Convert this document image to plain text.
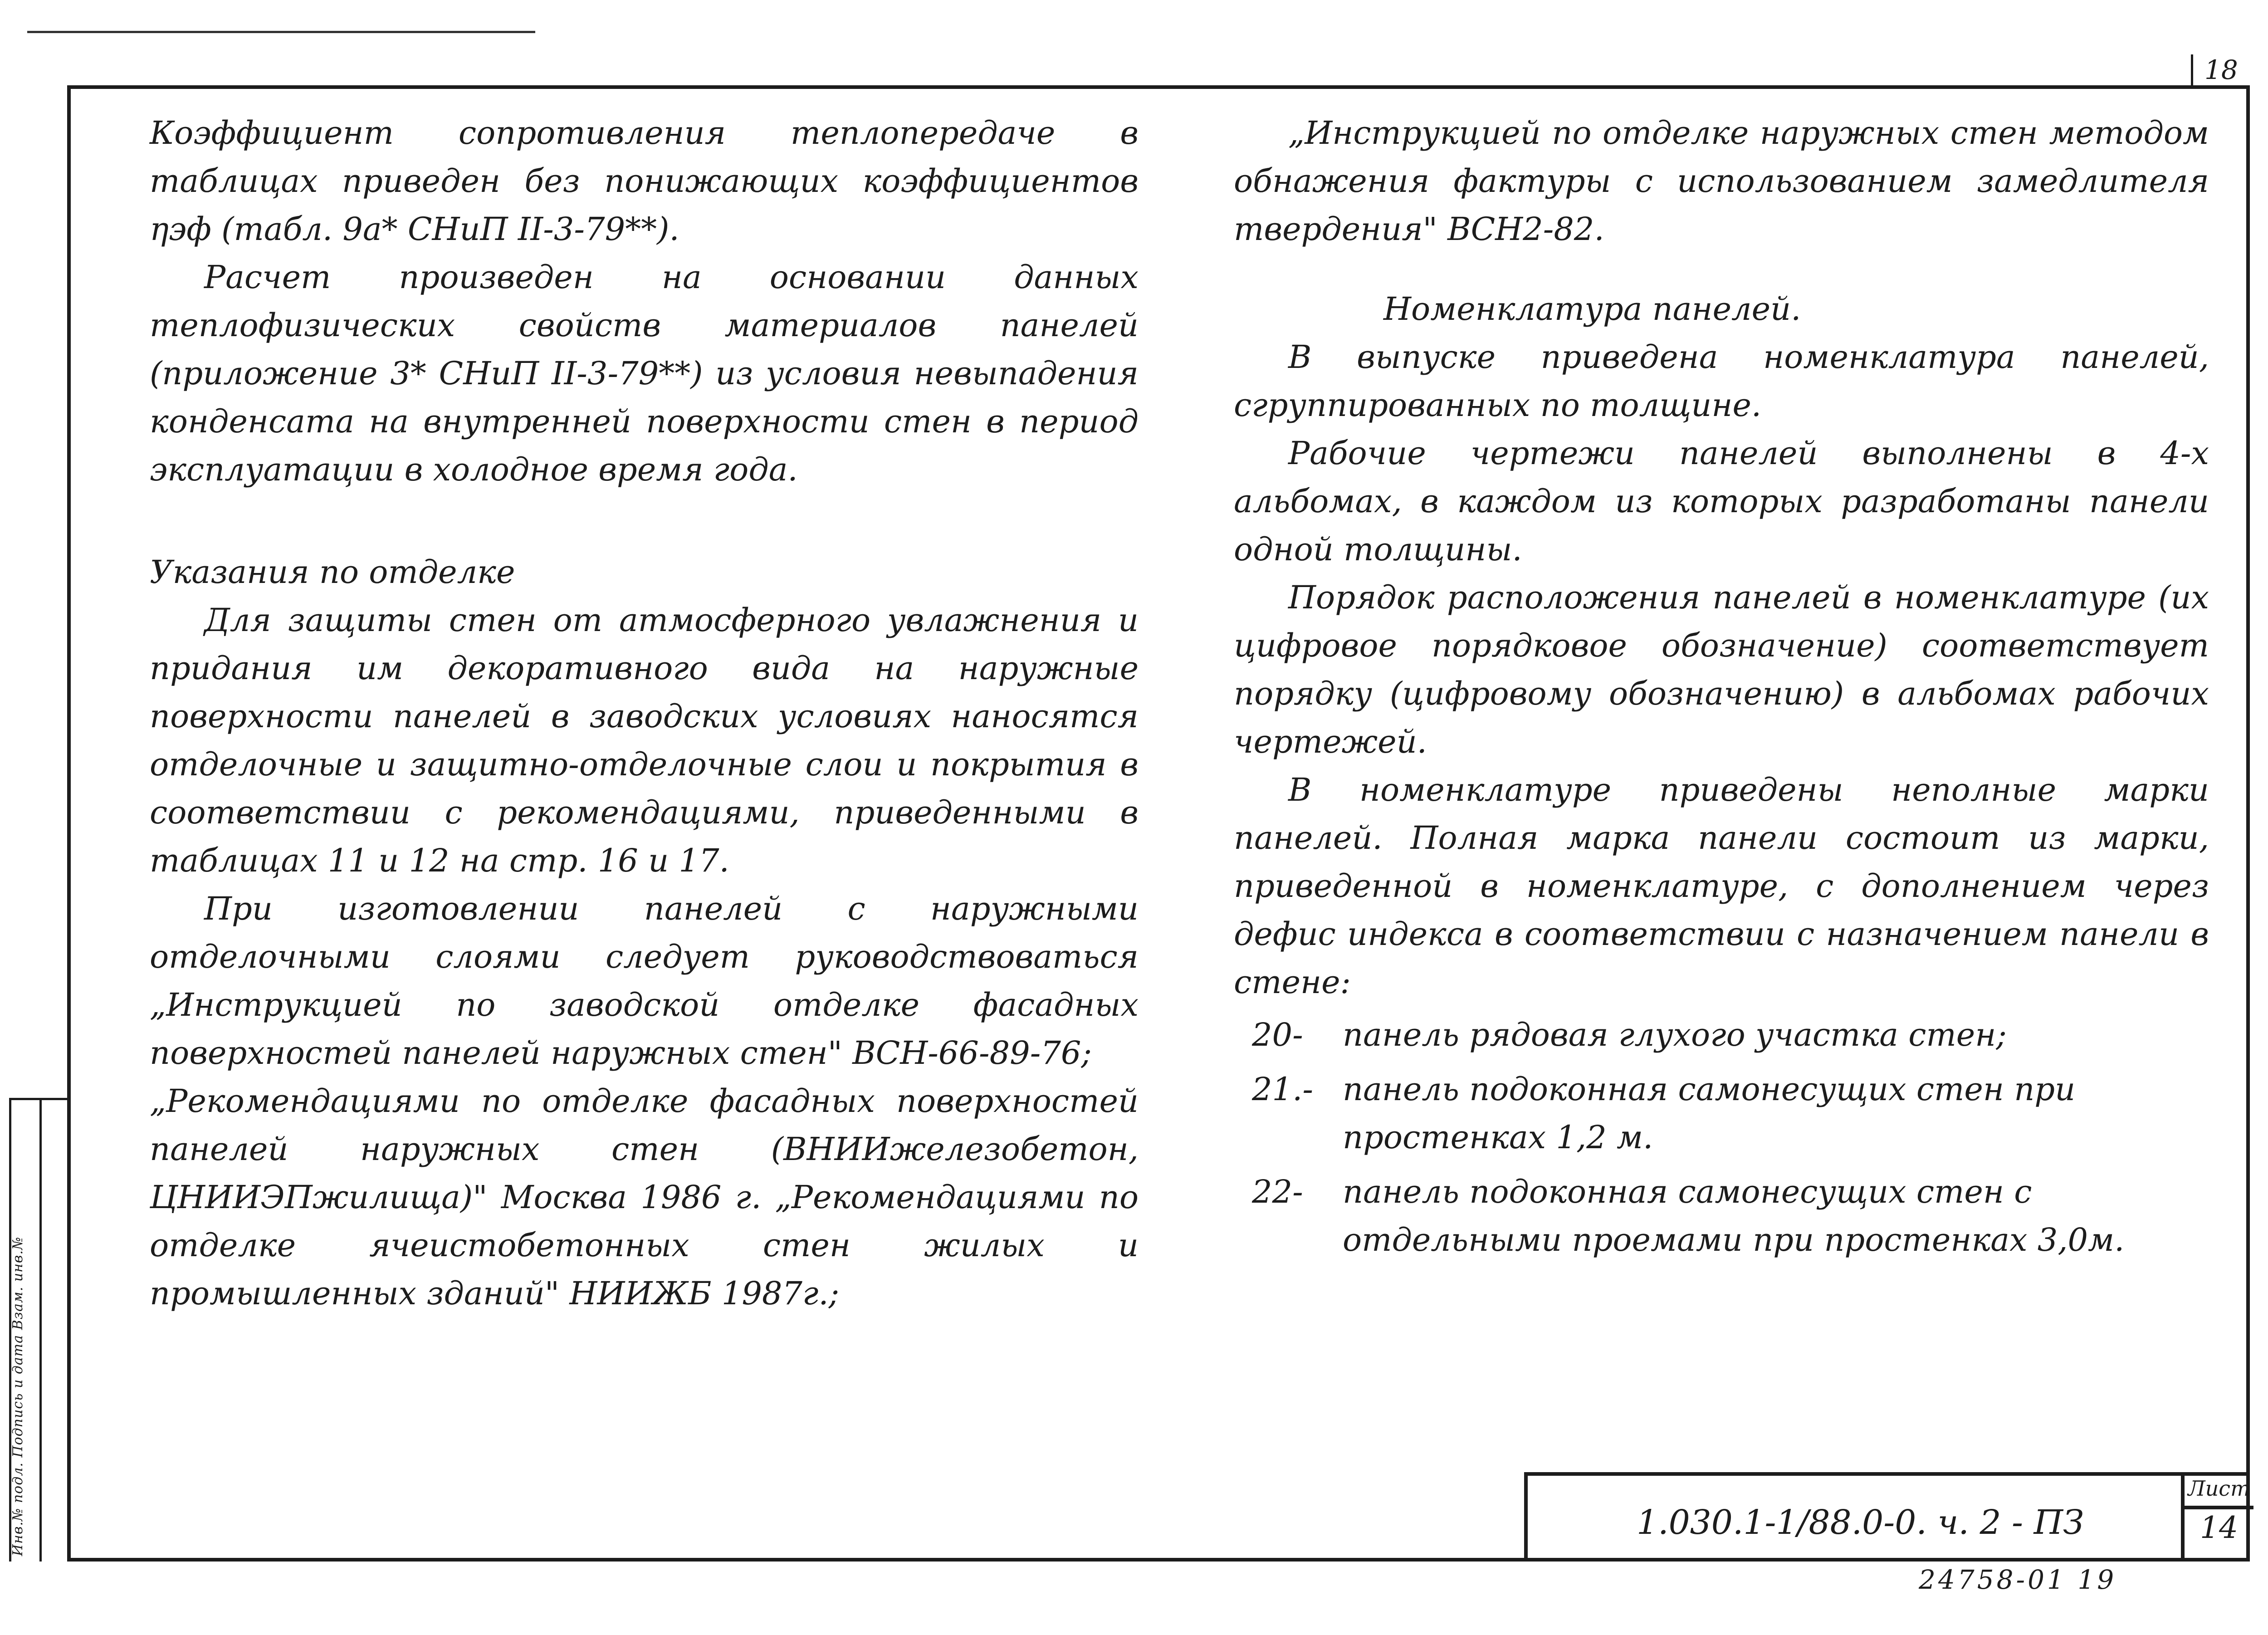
18
Инв.№ подл. Подпись и дата Взам. инв.№

Коэффициент сопротивления теплопередаче в таблицах приведен без понижающих коэффициентов ηэф (табл. 9а* СНиП II-3-79**).

Расчет произведен на основании данных теплофизических свойств материалов панелей (приложение 3* СНиП II-3-79**) из условия невыпадения конденсата на внутренней поверхности стен в период эксплуатации в холодное время года.

Указания по отделке

Для защиты стен от атмосферного увлажнения и придания им декоративного вида на наружные поверхности панелей в заводских условиях наносятся отделочные и защитно-отделочные слои и покрытия в соответствии с рекомендациями, приведенными в таблицах 11 и 12 на стр. 16 и 17.

При изготовлении панелей с наружными отделочными слоями следует руководствоваться „Инструкцией по заводской отделке фасадных поверхностей панелей наружных стен" ВСН-66-89-76;

„Рекомендациями по отделке фасадных поверхностей панелей наружных стен (ВНИИжелезобетон, ЦНИИЭПжилища)" Москва 1986 г. „Рекомендациями по отделке ячеистобетонных стен жилых и промышленных зданий" НИИЖБ 1987г.;

„Инструкцией по отделке наружных стен методом обнажения фактуры с использованием замедлителя твердения" ВСН2-82.

Номенклатура панелей.

В выпуске приведена номенклатура панелей, сгруппированных по толщине.

Рабочие чертежи панелей выполнены в 4-х альбомах, в каждом из которых разработаны панели одной толщины.

Порядок расположения панелей в номенклатуре (их цифровое порядковое обозначение) соответствует порядку (цифровому обозначению) в альбомах рабочих чертежей.

В номенклатуре приведены неполные марки панелей. Полная марка панели состоит из марки, приведенной в номенклатуре, с дополнением через дефис индекса в соответствии с назначением панели в стене:

20-	панель рядовая глухого участка стен;
21.- панель подоконная самонесущих стен при простенках 1,2 м.
22-	панель подоконная самонесущих стен с отдельными проемами при простенках 3,0м.
1.030.1-1/88.0-0. ч. 2 - ПЗ
Лист
14
24758-01 19
